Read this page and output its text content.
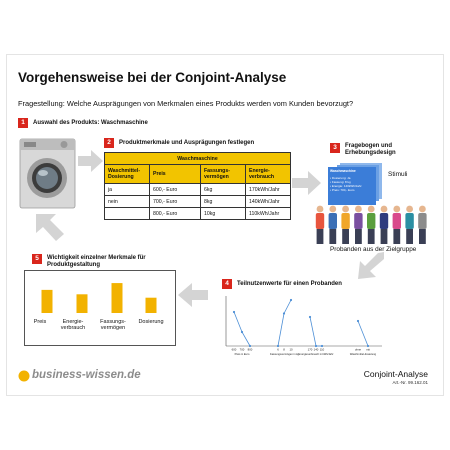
Vorgehensweise bei der Conjoint-Analyse
Fragestellung: Welche Ausprägungen von Merkmalen eines Produkts werden vom Kunden bevorzugt?
1	Auswahl des Produkts: Waschmaschine
2	Produktmerkmale und Ausprägungen festlegen
Waschmaschine			
Waschmittel-Dosierung	Preis	Fassungs-vermögen	Energie-verbrauch
ja	600,- Euro	6kg	170kWh/Jahr
nein	700,- Euro	8kg	140kWh/Jahr
	800,- Euro	10kg	110kWh/Jahr
3	Fragebogen und Erhebungsdesign
Waschmaschine
• Dosierung: Ja
• Fassung: 8 kg
• Energie: 140kWh/Jahr
• Preis: 700,- Euro
Stimuli
Probanden aus der Zielgruppe
5	Wichtigkeit einzelner Merkmale für Produktgestaltung
Preis	Energie-verbrauch
Fassungs-vermögen
Dosierung
4	Teilnutzenwerte für einen Probanden
600 700 800
Preis in Euro
6 8 10
Fassungsvermögen in kg
170 140 110
Energieverbrauch in kWh/Jahr
ohne mit
Waschmittel-dosierung
business-wissen.de	Conjoint-Analyse
Art.-Nr. 99.162.01
